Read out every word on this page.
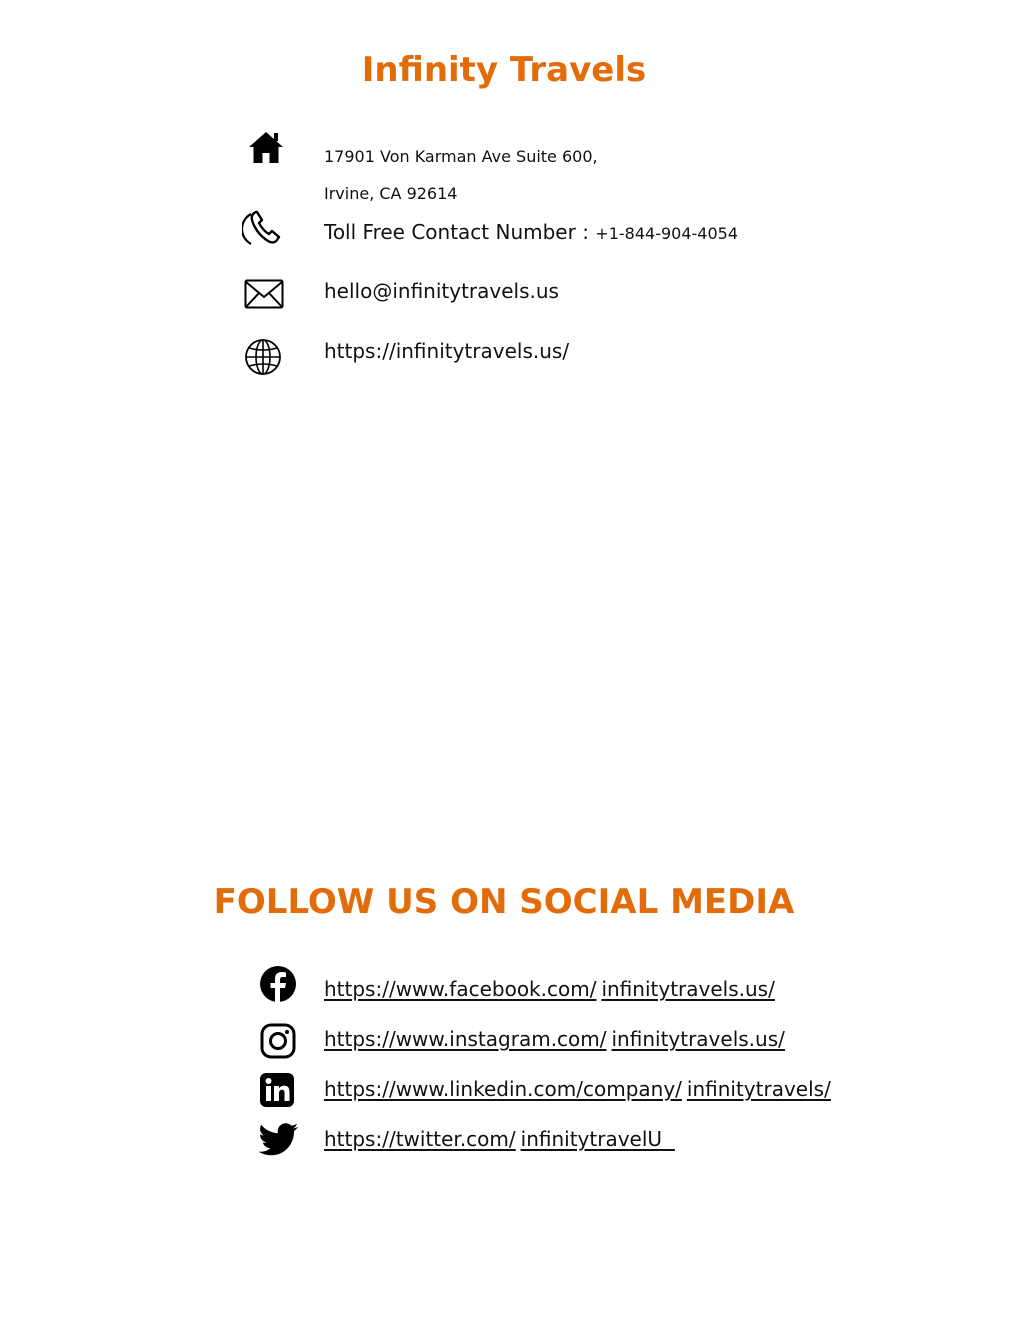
Infinity Travels
17901 Von Karman Ave Suite 600,
Irvine, CA 92614
Toll Free Contact Number : +1-844-904-4054
hello@infinitytravels.us
https://infinitytravels.us/
FOLLOW US ON SOCIAL MEDIA
https://www.facebook.com/ infinitytravels.us/
https://www.instagram.com/ infinitytravels.us/
https://www.linkedin.com/company/ infinitytravels/
https://twitter.com/ infinitytravelU
